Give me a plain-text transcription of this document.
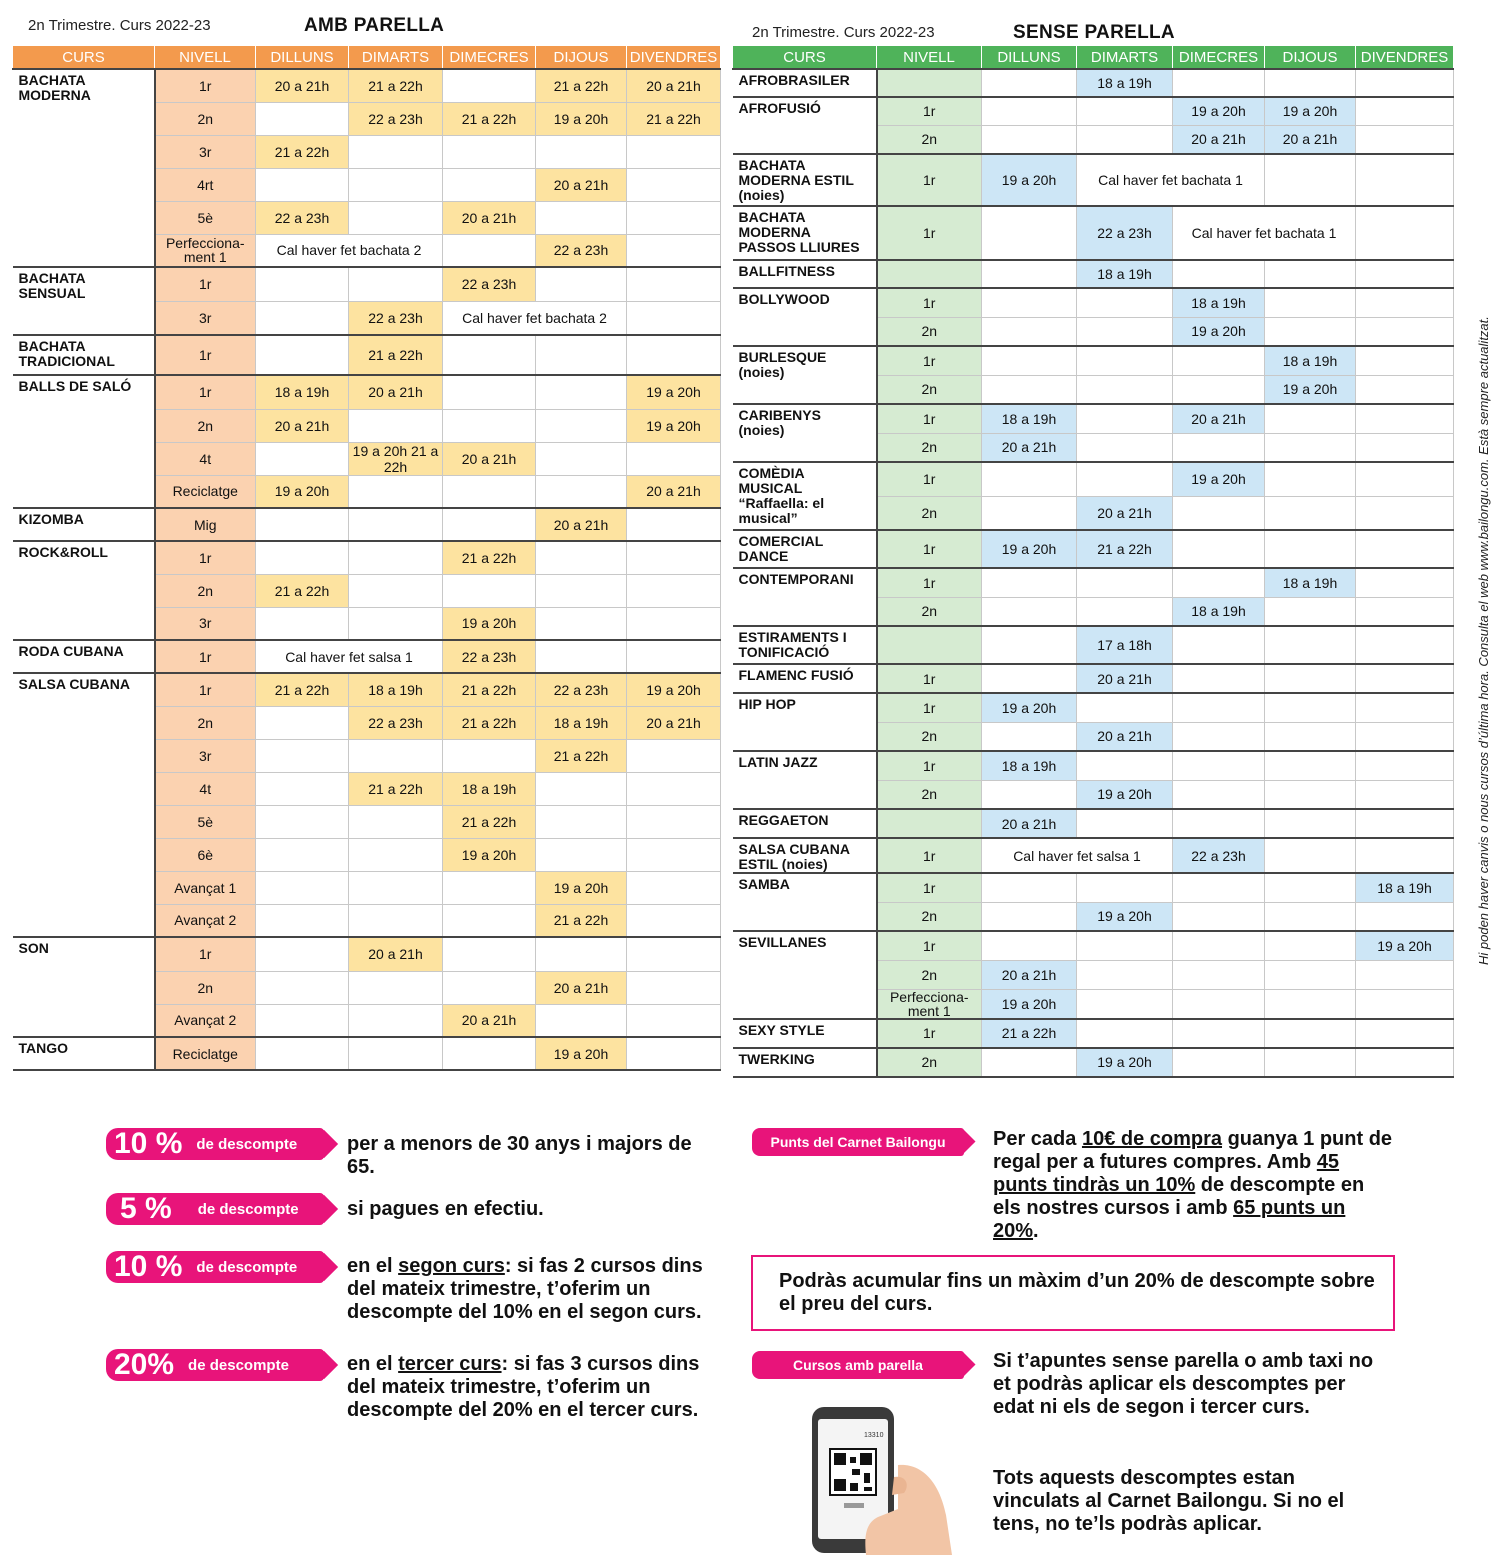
2n Trimestre. Curs 2022-23	AMB PARELLA	2n Trimestre. Curs 2022-23	SENSE PARELLA
CURS	NIVELL	DILLUNS	DIMARTS	DIMECRES	DIJOUS	DIVENDRES
BACHATA MODERNA	1r	20 a 21h	21 a 22h		21 a 22h	20 a 21h
	2n		22 a 23h	21 a 22h	19 a 20h	21 a 22h
	3r	21 a 22h				
	4rt				20 a 21h	
	5è	22 a 23h		20 a 21h		
	Perfecciona-ment 1	Cal haver fet bachata 2			22 a 23h	
BACHATA SENSUAL	1r			22 a 23h		
	3r		22 a 23h	Cal haver fet bachata 2		
BACHATA TRADICIONAL	1r		21 a 22h			
BALLS DE SALÓ	1r	18 a 19h	20 a 21h			19 a 20h
	2n	20 a 21h				19 a 20h
	4t		19 a 20h 21 a 22h	20 a 21h		
	Reciclatge	19 a 20h				20 a 21h
KIZOMBA	Mig				20 a 21h	
ROCK&ROLL	1r			21 a 22h		
	2n	21 a 22h				
	3r			19 a 20h		
RODA CUBANA	1r	Cal haver fet salsa 1		22 a 23h		
SALSA CUBANA	1r	21 a 22h	18 a 19h	21 a 22h	22 a 23h	19 a 20h
	2n		22 a 23h	21 a 22h	18 a 19h	20 a 21h
	3r				21 a 22h	
	4t		21 a 22h	18 a 19h		
	5è			21 a 22h		
	6è			19 a 20h		
	Avançat 1				19 a 20h	
	Avançat 2				21 a 22h	
SON	1r		20 a 21h			
	2n				20 a 21h	
	Avançat 2			20 a 21h		
TANGO	Reciclatge				19 a 20h	
CURS	NIVELL	DILLUNS	DIMARTS	DIMECRES	DIJOUS	DIVENDRES
AFROBRASILER			18 a 19h			
AFROFUSIÓ	1r			19 a 20h	19 a 20h	
	2n			20 a 21h	20 a 21h	
BACHATA MODERNA ESTIL (noies)	1r	19 a 20h	Cal haver fet bachata 1			
BACHATA MODERNA PASSOS LLIURES	1r		22 a 23h	Cal haver fet bachata 1		
BALLFITNESS			18 a 19h			
BOLLYWOOD	1r			18 a 19h		
	2n			19 a 20h		
BURLESQUE (noies)	1r				18 a 19h	
	2n				19 a 20h	
CARIBENYS (noies)	1r	18 a 19h		20 a 21h		
	2n	20 a 21h				
COMÈDIA MUSICAL “Raffaella: el musical”	1r			19 a 20h		
	2n		20 a 21h			
COMERCIAL DANCE	1r	19 a 20h	21 a 22h			
CONTEMPORANI	1r				18 a 19h	
	2n			18 a 19h		
ESTIRAMENTS I TONIFICACIÓ			17 a 18h			
FLAMENC FUSIÓ	1r		20 a 21h			
HIP HOP	1r	19 a 20h				
	2n		20 a 21h			
LATIN JAZZ	1r	18 a 19h				
	2n		19 a 20h			
REGGAETON		20 a 21h				
SALSA CUBANA ESTIL (noies)	1r	Cal haver fet salsa 1		22 a 23h		
SAMBA	1r					18 a 19h
	2n		19 a 20h			
SEVILLANES	1r					19 a 20h
	2n	20 a 21h				
	Perfecciona-ment 1	19 a 20h				
SEXY STYLE	1r	21 a 22h				
TWERKING	2n		19 a 20h			
Hi poden haver canvis o nous cursos d’última hora. Consulta el web www.bailongu.com. Està sempre actualitzat.
10 % de descompte per a menors de 30 anys i majors de 65.
5 % de descompte si pagues en efectiu.
10 % de descompte en el segon curs: si fas 2 cursos dins del mateix trimestre, t’oferim un descompte del 10% en el segon curs.
20% de descompte	en el tercer curs: si fas 3 cursos dins del mateix trimestre, t’oferim un descompte del 20% en el tercer curs.
Punts del Carnet Bailongu	Per cada 10€ de compra guanya 1 punt de regal per a futures compres. Amb 45 punts tindràs un 10% de descompte en els nostres cursos i amb 65 punts un 20%.
Podràs acumular fins un màxim d’un 20% de descompte sobre el preu del curs.
Cursos amb parella	Si t’apuntes sense parella o amb taxi no et podràs aplicar els descomptes per edat ni els de segon i tercer curs.
Tots aquests descomptes estan vinculats al Carnet Bailongu. Si no el tens, no te’ls podràs aplicar.
13310
